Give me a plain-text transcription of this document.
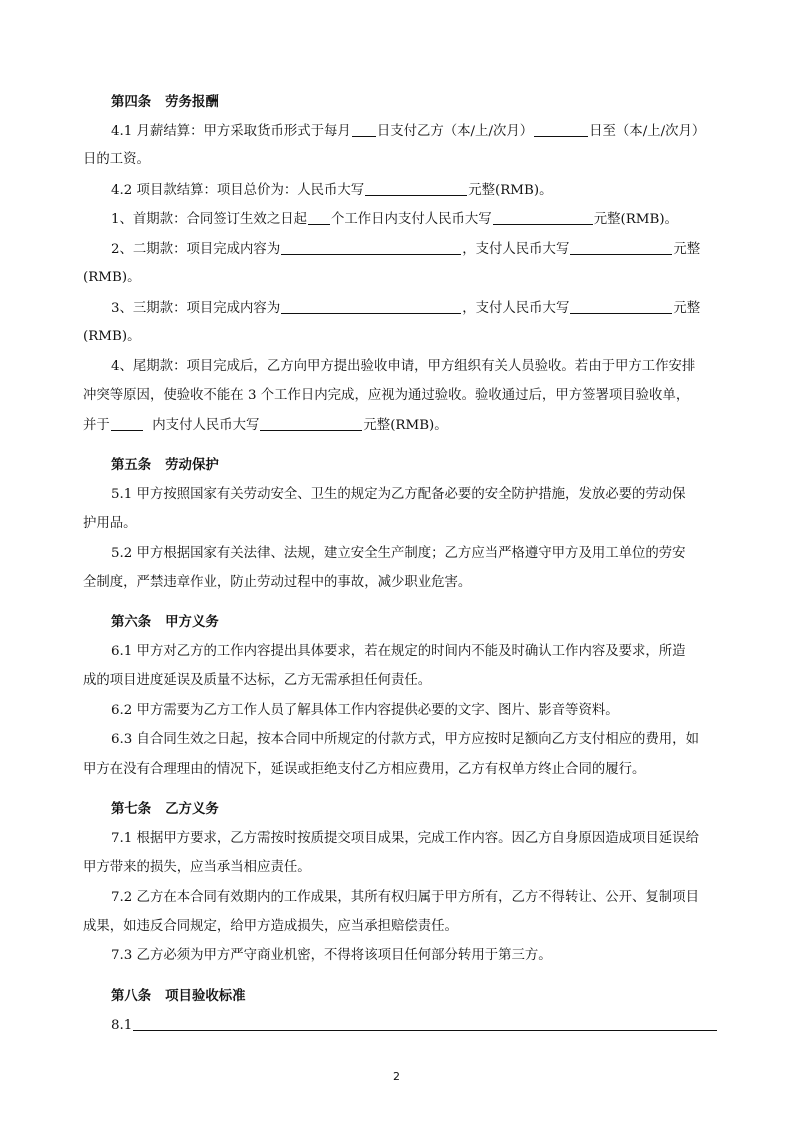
第四条 劳务报酬
4.1 月薪结算：甲方采取货币形式于每月 日支付乙方（本/上/次月）	日至（本/上/次月）
日的工资。
4.2 项目款结算：项目总价为：人民币大写	元整(RMB)。
1、首期款：合同签订生效之日起 个工作日内支付人民币大写	元整(RMB)。
2、二期款：项目完成内容为	，支付人民币大写	元整
(RMB)。
3、三期款：项目完成内容为	，支付人民币大写	元整
(RMB)。
4、尾期款：项目完成后，乙方向甲方提出验收申请，甲方组织有关人员验收。若由于甲方工作安排
冲突等原因，使验收不能在 3 个工作日内完成，应视为通过验收。验收通过后，甲方签署项目验收单，
并于	内支付人民币大写	元整(RMB)。
第五条 劳动保护
5.1 甲方按照国家有关劳动安全、卫生的规定为乙方配备必要的安全防护措施，发放必要的劳动保
护用品。
5.2 甲方根据国家有关法律、法规，建立安全生产制度；乙方应当严格遵守甲方及用工单位的劳安
全制度，严禁违章作业，防止劳动过程中的事故，减少职业危害。
第六条 甲方义务
6.1 甲方对乙方的工作内容提出具体要求，若在规定的时间内不能及时确认工作内容及要求，所造
成的项目进度延误及质量不达标，乙方无需承担任何责任。
6.2 甲方需要为乙方工作人员了解具体工作内容提供必要的文字、图片、影音等资料。
6.3 自合同生效之日起，按本合同中所规定的付款方式，甲方应按时足额向乙方支付相应的费用，如
甲方在没有合理理由的情况下，延误或拒绝支付乙方相应费用，乙方有权单方终止合同的履行。
第七条 乙方义务
7.1 根据甲方要求，乙方需按时按质提交项目成果，完成工作内容。因乙方自身原因造成项目延误给
甲方带来的损失，应当承当相应责任。
7.2 乙方在本合同有效期内的工作成果，其所有权归属于甲方所有，乙方不得转让、公开、复制项目
成果，如违反合同规定，给甲方造成损失，应当承担赔偿责任。
7.3 乙方必须为甲方严守商业机密，不得将该项目任何部分转用于第三方。
第八条 项目验收标准
8.1
2
